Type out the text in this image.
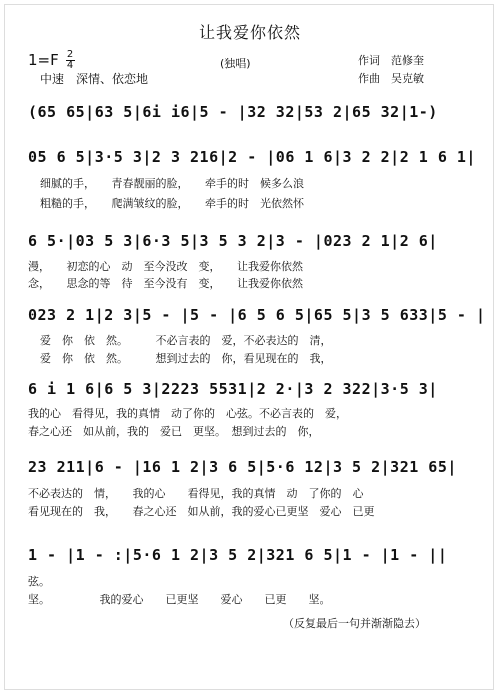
让我爱你依然
$1=F \frac{2}{4}$
中速　深情、依恋地
(独唱)	作词　范修奎
作曲　吴克敏
(65 65|63 5|6i i6|5 - |32 32|53 2|65 32|1-)
05 6 5|3·5 3|2 3 216|2 - |06 1 6|3 2 2|2 1 6 1|
细腻的手，　　青春靓丽的脸，　　牵手的时　候多么浪
粗糙的手，　　爬满皱纹的脸，　　牵手的时　光依然怀
6 5·|03 5 3|6·3 5|3 5 3 2|3 - |023 2 1|2 6|
漫，　　初恋的心　动　至今没改　变，　　让我爱你依然
念，　　思念的等　待　至今没有　变，　　让我爱你依然
023 2 1|2 3|5 - |5 - |6 5 6 5|65 5|3 5 633|5 - |
爱　你　依　然。　　　不必言表的　爱，不必表达的　清，
爱　你　依　然。　　　想到过去的　你，看见现在的　我，
6 i 1 6|6 5 3|2223 5531|2 2·|3 2 322|3·5 3|
我的心　看得见，我的真情　动了你的　心弦。不必言表的　爱，
春之心还　如从前，我的　爱已　更坚。　想到过去的　你，
23 211|6 - |16 1 2|3 6 5|5·6 12|3 5 2|321 65|
不必表达的　情，　　我的心　　看得见，我的真情　动　了你的　心
看见现在的　我，　　春之心还　如从前，我的爱心已更坚　爱心　已更
1 - |1 - :|5·6 1 2|3 5 2|321 6 5|1 - |1 - ||
弦。
坚。　　　　　我的爱心　　已更坚　　爱心　　已更　　坚。
（反复最后一句并渐渐隐去）
